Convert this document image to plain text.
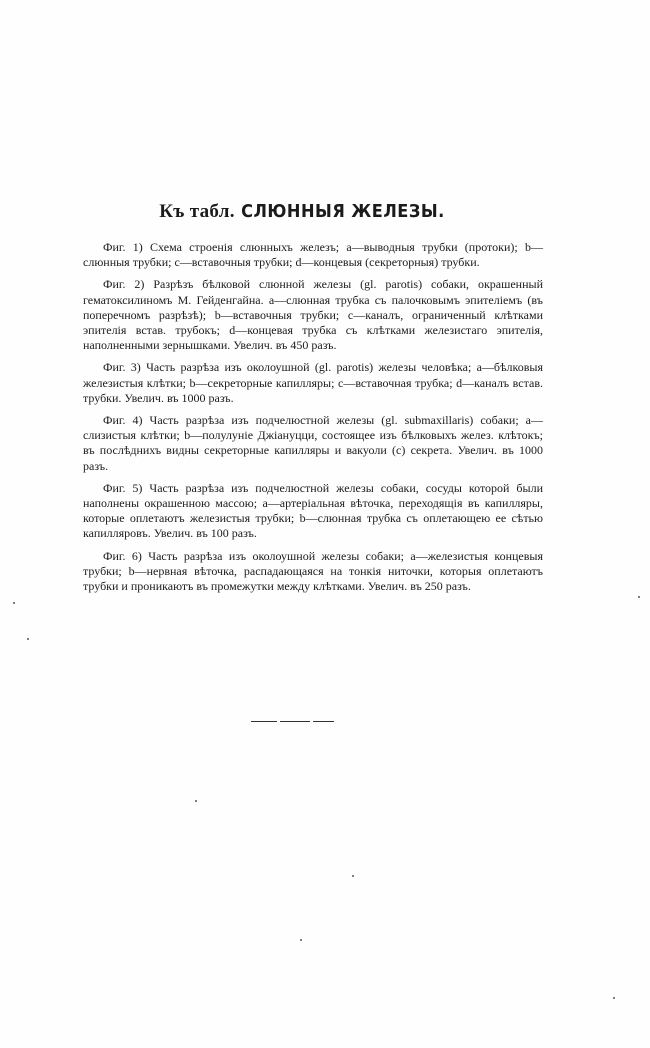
Къ табл. СЛЮННЫЯ ЖЕЛЕЗЫ.

Фиг. 1) Схема строенія слюнныхъ железъ; а—выводныя трубки (протоки); b—слюнныя трубки; с—вставочныя трубки; d—концевыя (секреторныя) трубки.

Фиг. 2) Разрѣзъ бѣлковой слюнной железы (gl. parotis) собаки, окрашенный гематоксилиномъ М. Гейденгайна. а—слюнная трубка съ палочковымъ эпителіемъ (въ поперечномъ разрѣзѣ); b—вставочныя трубки; с—каналъ, ограниченный клѣтками эпителія встав. трубокъ; d—концевая трубка съ клѣтками железистаго эпителія, наполненными зернышками. Увелич. въ 450 разъ.

Фиг. 3) Часть разрѣза изъ околоушной (gl. parotis) железы человѣка; а—бѣлковыя железистыя клѣтки; b—секреторные капилляры; с—вставочная трубка; d—каналъ встав. трубки. Увелич. въ 1000 разъ.

Фиг. 4) Часть разрѣза изъ подчелюстной железы (gl. submaxillaris) собаки; а—слизистыя клѣтки; b—полулуніе Джіануцци, состоящее изъ бѣлковыхъ желез. клѣтокъ; въ послѣднихъ видны секреторные капилляры и вакуоли (с) секрета. Увелич. въ 1000 разъ.

Фиг. 5) Часть разрѣза изъ подчелюстной железы собаки, сосуды которой были наполнены окрашенною массою; а—артеріальная вѣточка, переходящія въ капилляры, которые оплетаютъ железистыя трубки; b—слюнная трубка съ оплетающею ее сѣтью капилляровъ. Увелич. въ 100 разъ.

Фиг. 6) Часть разрѣза изъ околоушной железы собаки; а—железистыя концевыя трубки; b—нервная вѣточка, распадающаяся на тонкія ниточки, которыя оплетаютъ трубки и проникаютъ въ промежутки между клѣтками. Увелич. въ 250 разъ.
